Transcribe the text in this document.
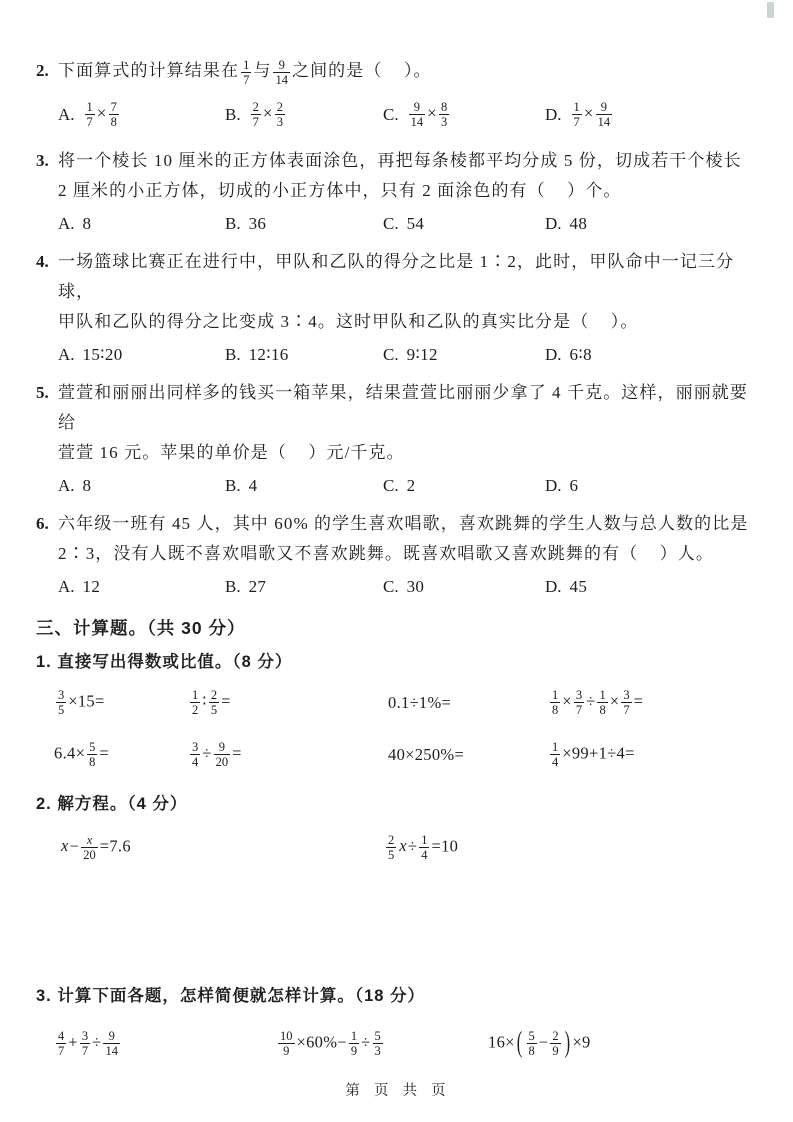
2. 下面算式的计算结果在 $\frac{1}{7}$ 与 $\frac{9}{14}$ 之间的是（ ）。
A. $\frac{1}{7} \times \frac{7}{8}$	B. $\frac{2}{7} \times \frac{2}{3}$	C. $\frac{9}{14} \times \frac{8}{3}$	D. $\frac{1}{7} \times \frac{9}{14}$
3. 将一个棱长 10 厘米的正方体表面涂色，再把每条棱都平均分成 5 份，切成若干个棱长
2 厘米的小正方体，切成的小正方体中，只有 2 面涂色的有（    ）个。
A. 8	B. 36	C. 54	D. 48
4. 一场篮球比赛正在进行中，甲队和乙队的得分之比是 1∶2，此时，甲队命中一记三分球，
甲队和乙队的得分之比变成 3∶4。这时甲队和乙队的真实比分是（    ）。
A. 15∶20	B. 12∶16	C. 9∶12	D. 6∶8
5. 萱萱和丽丽出同样多的钱买一箱苹果，结果萱萱比丽丽少拿了 4 千克。这样，丽丽就要给
萱萱 16 元。苹果的单价是（    ）元/千克。
A. 8	B. 4	C. 2	D. 6
6. 六年级一班有 45 人，其中 60% 的学生喜欢唱歌，喜欢跳舞的学生人数与总人数的比是
2∶3，没有人既不喜欢唱歌又不喜欢跳舞。既喜欢唱歌又喜欢跳舞的有（    ）人。
A. 12	B. 27	C. 30	D. 45
三、计算题。（共 30 分）
1. 直接写出得数或比值。（8 分）
$\frac{3}{5} \times 15=$	$\frac{1}{2}$ ∶ $\frac{2}{5}$ =	0.1÷1%=	$\frac{1}{8} \times \frac{3}{7} \div \frac{1}{8} \times \frac{3}{7}$ =
$6.4\times \frac{5}{8}$ =	$\frac{3}{4} \div \frac{9}{20}$ =	40×250%=	$\frac{1}{4} \times 99+1\div 4=$
2. 解方程。（4 分）
$x- \frac{x}{20} =7.6$	$\frac{2}{5} x\div \frac{1}{4} =10$
3. 计算下面各题，怎样简便就怎样计算。（18 分）
$\frac{4}{7} + \frac{3}{7} \div \frac{9}{14}$	$\frac{10}{9} \times 60\%- \frac{1}{9} \div \frac{5}{3}$	16× ( $\frac{5}{8} - \frac{2}{9}$ ) ×9
第  页  共  页
